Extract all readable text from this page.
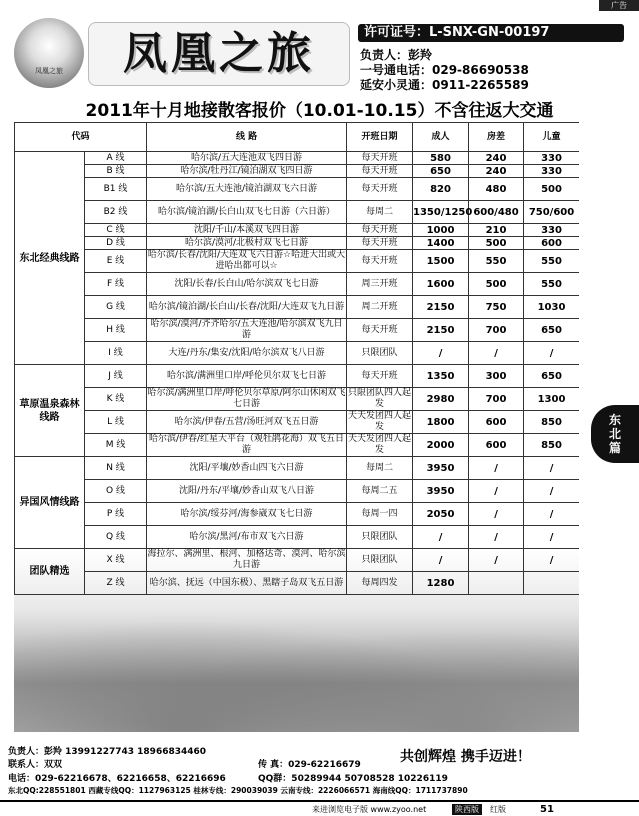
广告
凤凰之旅	凤凰之旅	许可证号：L-SNX-GN-00197
负责人：彭羚
一号通电话：029-86690538
延安小灵通：0911-2265589
2011年十月地接散客报价（10.01-10.15）不含往返大交通
代码		线 路	开班日期	成人	房差	儿童
东北经典线路	A 线	哈尔滨/五大连池双飞四日游	每天开班	580	240	330
	B 线	哈尔滨/牡丹江/镜泊湖双飞四日游	每天开班	650	240	330
	B1 线	哈尔滨/五大连池/镜泊湖双飞六日游	每天开班	820	480	500
	B2 线	哈尔滨/镜泊湖/长白山双飞七日游（六日游）	每周二	1350/1250	600/480	750/600
	C 线	沈阳/千山/本溪双飞四日游	每天开班	1000	210	330
	D 线	哈尔滨/漠河/北极村双飞七日游	每天开班	1400	500	600
	E 线	哈尔滨/长春/沈阳/大连双飞六日游☆哈进大出或大进哈出都可以☆	每天开班	1500	550	550
	F 线	沈阳/长春/长白山/哈尔滨双飞七日游	周三开班	1600	500	550
	G 线	哈尔滨/镜泊湖/长白山/长春/沈阳/大连双飞九日游	周二开班	2150	750	1030
	H 线	哈尔滨/漠河/齐齐哈尔/五大连池/哈尔滨双飞九日游	每天开班	2150	700	650
	I 线	大连/丹东/集安/沈阳/哈尔滨双飞八日游	只限团队	/	/	/
草原温泉森林线路	J 线	哈尔滨/满洲里口岸/呼伦贝尔双飞七日游	每天开班	1350	300	650
	K 线	哈尔滨/满洲里口岸/呼伦贝尔草原/阿尔山休闲双飞七日游	只限团队四人起发	2980	700	1300
	L 线	哈尔滨/伊春/五营/汤旺河双飞五日游	天天发团四人起发	1800	600	850
	M 线	哈尔滨/伊春/红星大平台（观牡鹃花海）双飞五日游	天天发团四人起发	2000	600	850
异国风情线路	N 线	沈阳/平壤/妙香山四飞六日游	每周二	3950	/	/
	O 线	沈阳/丹东/平壤/妙香山双飞八日游	每周二五	3950	/	/
	P 线	哈尔滨/绥芬河/海参崴双飞七日游	每周一四	2050	/	/
	Q 线	哈尔滨/黑河/布市双飞六日游	只限团队	/	/	/
团队精选	X 线	海拉尔、满洲里、根河、加格达奇、漠河、哈尔滨九日游	只限团队	/	/	/
	Z 线	哈尔滨、抚远（中国东极）、黑瞎子岛双飞五日游	每周四发	1280		
东北篇
负责人：彭羚 13991227743 18966834460
联系人：双双	传 真：029-62216679	共创辉煌 携手迈进！
电话：029-62216678、62216658、62216696	QQ群：50289944 50708528 10226119
东北QQ:228551801 西藏专线QQ：1127963125 桂林专线：290039039 云南专线：2226066571 海南线QQ：1711737890
来进浏览电子版 www.zyoo.net	陕西版	红版	51
